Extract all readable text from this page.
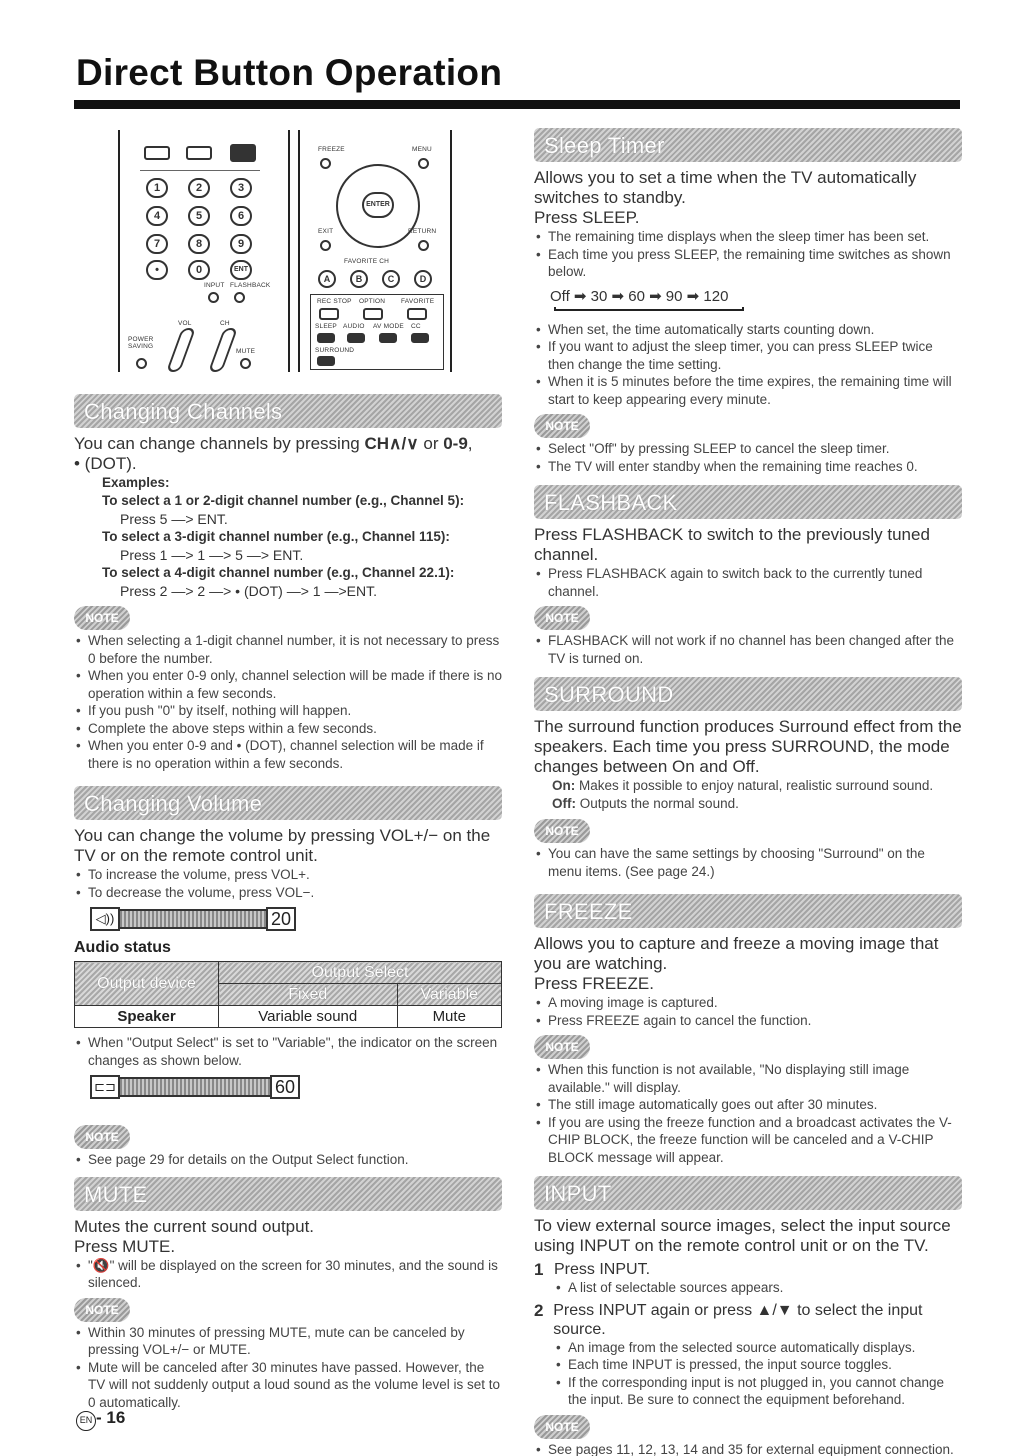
Direct Button Operation
1	2	3
4	5	6
7	8	9
•	0	ENT
INPUT FLASHBACK
VOL	CH
POWER SAVING
MUTE
FREEZE	MENU
ENTER
EXIT	RETURN
FAVORITE CH
A	B	C	D
REC STOP OPTION FAVORITE
SLEEP AUDIO AV MODE CC
SURROUND
Changing Channels
You can change channels by pressing CH∧/∨ or 0-9,
• (DOT).
Examples:
To select a 1 or 2-digit channel number (e.g., Channel 5):
Press 5 —> ENT.
To select a 3-digit channel number (e.g., Channel 115):
Press 1 —> 1 —> 5 —> ENT.
To select a 4-digit channel number (e.g., Channel 22.1):
Press 2 —> 2 —> • (DOT) —> 1 —>ENT.
NOTE
• When selecting a 1-digit channel number, it is not necessary to press 0 before the number.
• When you enter 0-9 only, channel selection will be made if there is no operation within a few seconds.
• If you push "0" by itself, nothing will happen.
• Complete the above steps within a few seconds.
• When you enter 0-9 and • (DOT), channel selection will be made if there is no operation within a few seconds.
Changing Volume
You can change the volume by pressing VOL+/− on the TV or on the remote control unit.
• To increase the volume, press VOL+.
• To decrease the volume, press VOL−.
◁))	20
Audio status
Output device	Output Select	
	Fixed	Variable
Speaker	Variable sound	Mute
• When "Output Select" is set to "Variable", the indicator on the screen changes as shown below.
⊏⊐	60
NOTE
• See page 29 for details on the Output Select function.
MUTE
Mutes the current sound output.
Press MUTE.
• "🔇" will be displayed on the screen for 30 minutes, and the sound is silenced.
NOTE
• Within 30 minutes of pressing MUTE, mute can be canceled by pressing VOL+/− or MUTE.
• Mute will be canceled after 30 minutes have passed. However, the TV will not suddenly output a loud sound as the volume level is set to 0 automatically.
Sleep Timer
Allows you to set a time when the TV automatically switches to standby.
Press SLEEP.
• The remaining time displays when the sleep timer has been set.
• Each time you press SLEEP, the remaining time switches as shown below.
Off ➡ 30 ➡ 60 ➡ 90 ➡ 120
• When set, the time automatically starts counting down.
• If you want to adjust the sleep timer, you can press SLEEP twice then change the time setting.
• When it is 5 minutes before the time expires, the remaining time will start to keep appearing every minute.
NOTE
• Select "Off" by pressing SLEEP to cancel the sleep timer.
• The TV will enter standby when the remaining time reaches 0.
FLASHBACK
Press FLASHBACK to switch to the previously tuned channel.
• Press FLASHBACK again to switch back to the currently tuned channel.
NOTE
• FLASHBACK will not work if no channel has been changed after the TV is turned on.
SURROUND
The surround function produces Surround effect from the speakers. Each time you press SURROUND, the mode changes between On and Off.
On: Makes it possible to enjoy natural, realistic surround sound.
Off: Outputs the normal sound.
NOTE
• You can have the same settings by choosing "Surround" on the menu items. (See page 24.)
FREEZE
Allows you to capture and freeze a moving image that you are watching.
Press FREEZE.
• A moving image is captured.
• Press FREEZE again to cancel the function.
NOTE
• When this function is not available, "No displaying still image available." will display.
• The still image automatically goes out after 30 minutes.
• If you are using the freeze function and a broadcast activates the V-CHIP BLOCK, the freeze function will be canceled and a V-CHIP BLOCK message will appear.
INPUT
To view external source images, select the input source using INPUT on the remote control unit or on the TV.
1 Press INPUT.
• A list of selectable sources appears.
2 Press INPUT again or press ▲/▼ to select the input source.
• An image from the selected source automatically displays.
• Each time INPUT is pressed, the input source toggles.
• If the corresponding input is not plugged in, you cannot change the input. Be sure to connect the equipment beforehand.
NOTE
• See pages 11, 12, 13, 14 and 35 for external equipment connection.
EN - 16
